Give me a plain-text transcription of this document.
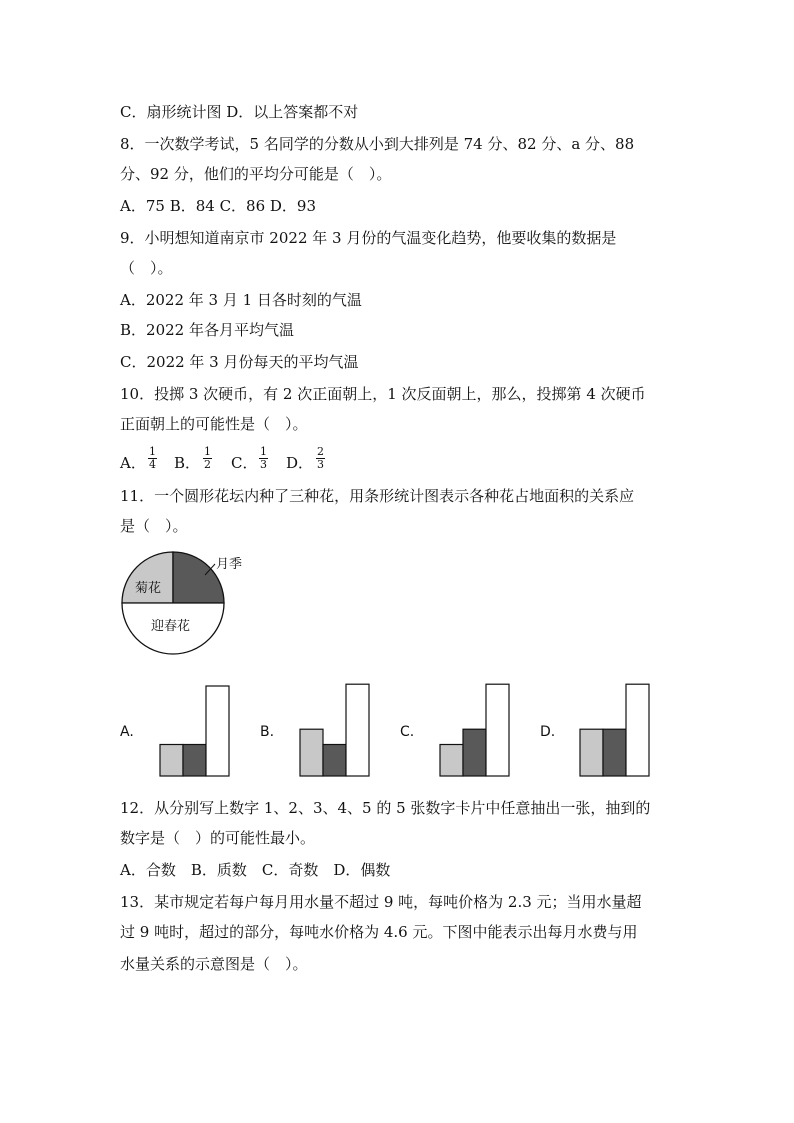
C．扇形统计图 D．以上答案都不对
8．一次数学考试，5 名同学的分数从小到大排列是 74 分、82 分、a 分、88
分、92 分，他们的平均分可能是（　）。
A．75 B．84 C．86 D．93
9．小明想知道南京市 2022 年 3 月份的气温变化趋势，他要收集的数据是
（　）。
A．2022 年 3 月 1 日各时刻的气温
B．2022 年各月平均气温
C．2022 年 3 月份每天的平均气温
10．投掷 3 次硬币，有 2 次正面朝上，1 次反面朝上，那么，投掷第 4 次硬币
正面朝上的可能性是（　）。
A． $\frac{1}{4}$ B． $\frac{1}{2}$ C． $\frac{1}{3}$ D． $\frac{2}{3}$
11．一个圆形花坛内种了三种花，用条形统计图表示各种花占地面积的关系应
是（　）。
月季
菊花
迎春花
A.	B.	C.	D.
12．从分别写上数字 1、2、3、4、5 的 5 张数字卡片中任意抽出一张，抽到的
数字是（　）的可能性最小。
A．合数　B．质数　C．奇数　D．偶数
13．某市规定若每户每月用水量不超过 9 吨，每吨价格为 2.3 元；当用水量超
过 9 吨时，超过的部分，每吨水价格为 4.6 元。下图中能表示出每月水费与用
水量关系的示意图是（　）。
